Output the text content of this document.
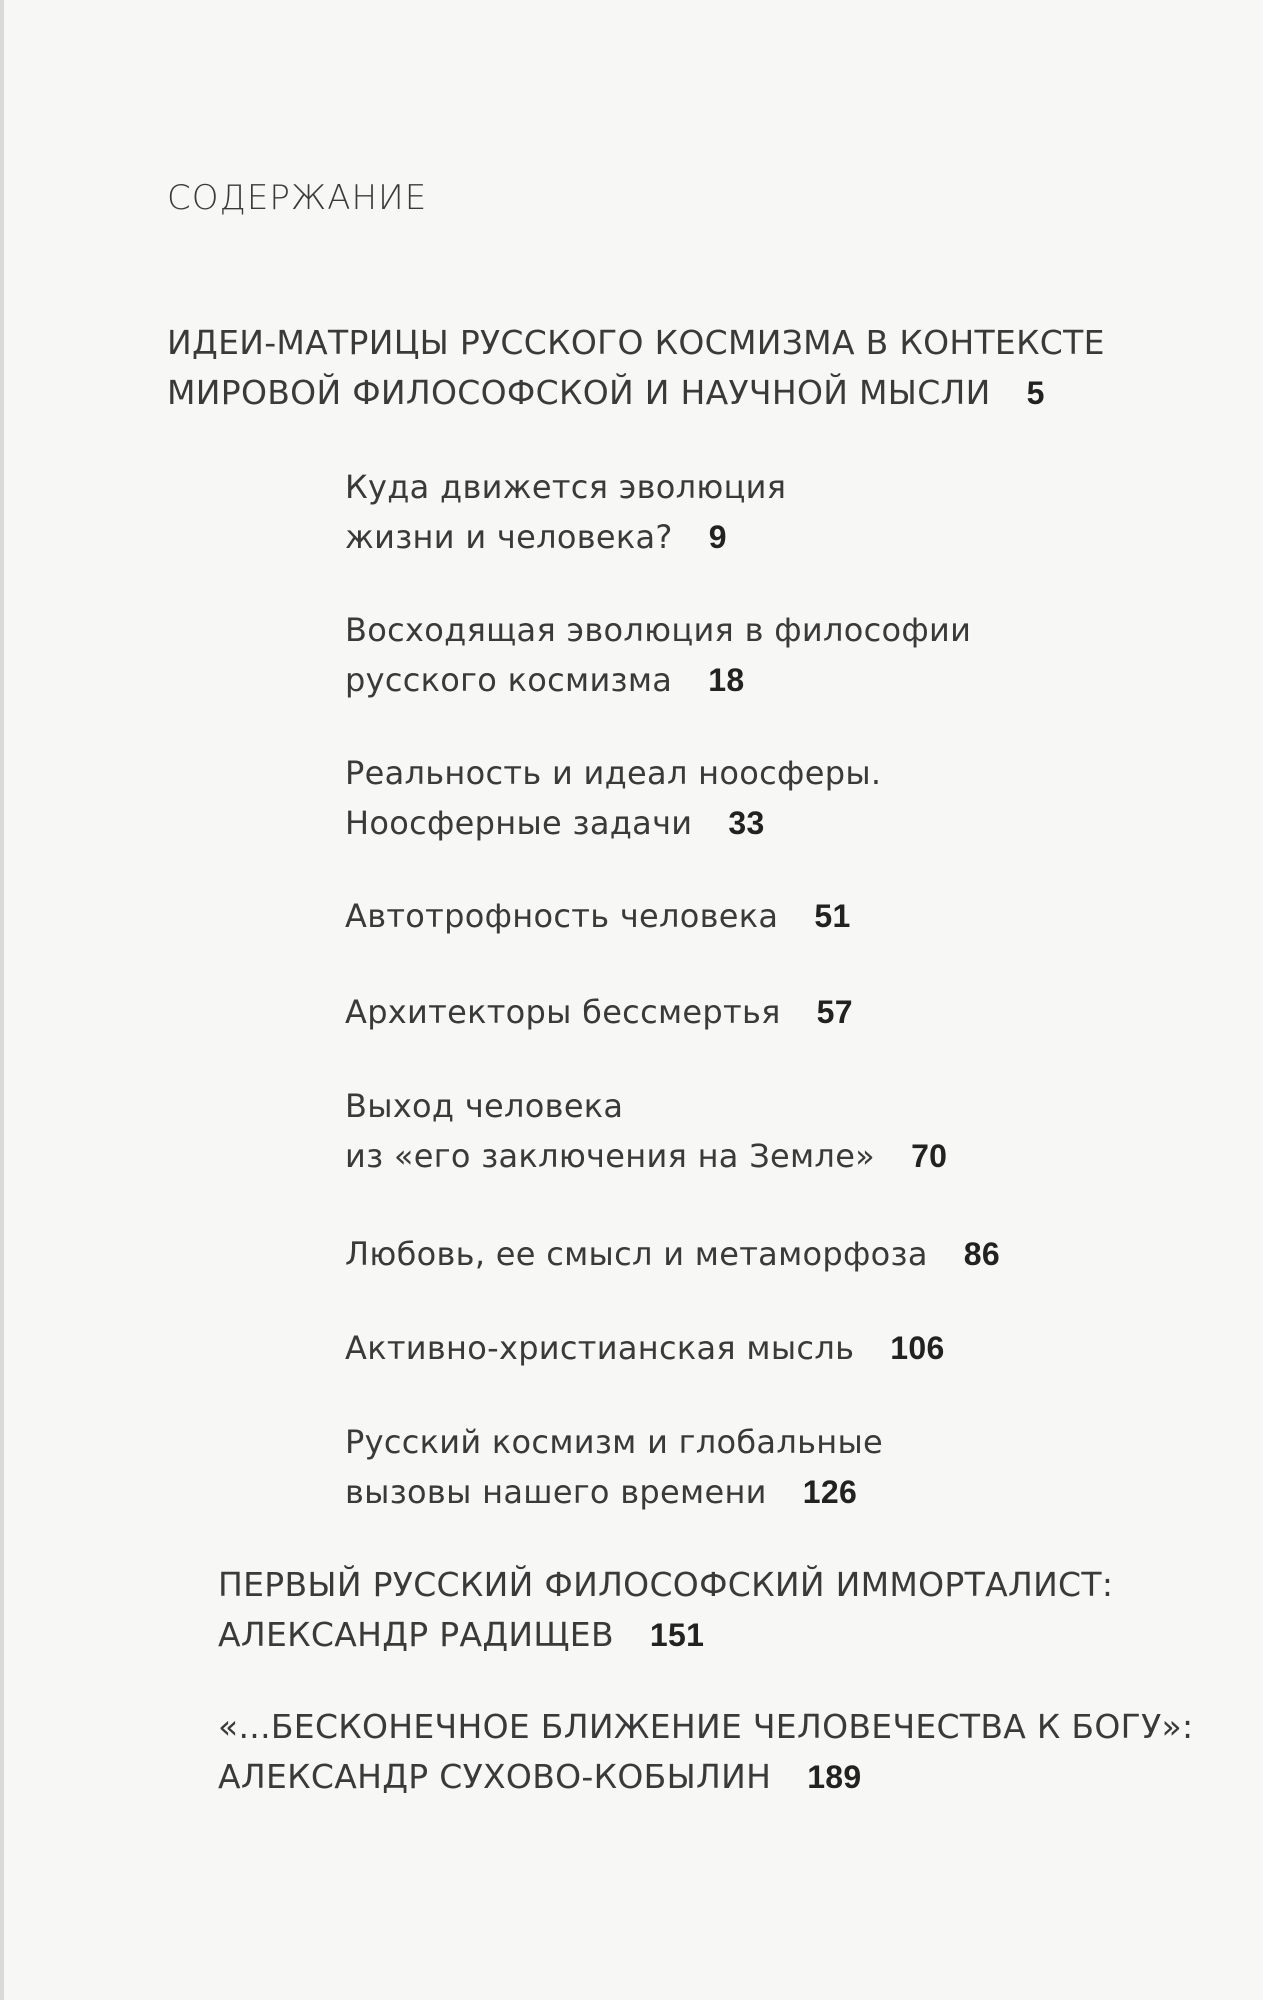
СОДЕРЖАНИЕ
ИДЕИ-МАТРИЦЫ РУССКОГО КОСМИЗМА В КОНТЕКСТЕ
МИРОВОЙ ФИЛОСОФСКОЙ И НАУЧНОЙ МЫСЛИ 5
Куда движется эволюция
жизни и человека? 9
Восходящая эволюция в философии
русского космизма 18
Реальность и идеал ноосферы.
Ноосферные задачи 33
Автотрофность человека 51
Архитекторы бессмертья 57
Выход человека
из «его заключения на Земле» 70
Любовь, ее смысл и метаморфоза 86
Активно-христианская мысль 106
Русский космизм и глобальные
вызовы нашего времени 126
ПЕРВЫЙ РУССКИЙ ФИЛОСОФСКИЙ ИММОРТАЛИСТ:
АЛЕКСАНДР РАДИЩЕВ 151
«...БЕСКОНЕЧНОЕ БЛИЖЕНИЕ ЧЕЛОВЕЧЕСТВА К БОГУ»:
АЛЕКСАНДР СУХОВО-КОБЫЛИН 189
